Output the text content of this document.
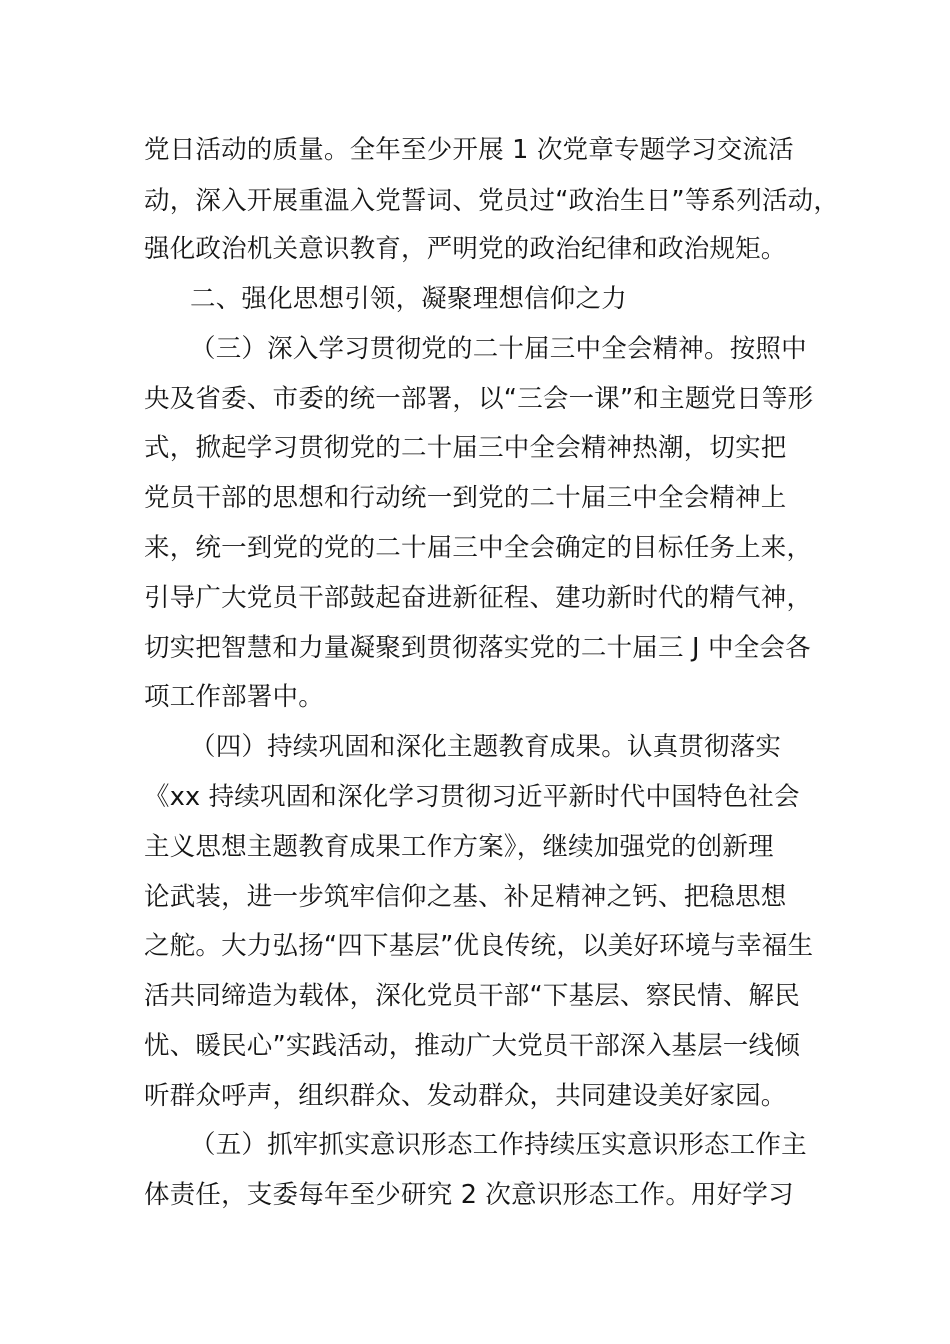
党日活动的质量。全年至少开展 1 次党章专题学习交流活
动，深入开展重温入党誓词、党员过“政治生日”等系列活动，
强化政治机关意识教育，严明党的政治纪律和政治规矩。
二、强化思想引领，凝聚理想信仰之力
（三）深入学习贯彻党的二十届三中全会精神。按照中
央及省委、市委的统一部署，以“三会一课”和主题党日等形
式，掀起学习贯彻党的二十届三中全会精神热潮，切实把
党员干部的思想和行动统一到党的二十届三中全会精神上
来，统一到党的党的二十届三中全会确定的目标任务上来，
引导广大党员干部鼓起奋进新征程、建功新时代的精气神，
切实把智慧和力量凝聚到贯彻落实党的二十届三 J 中全会各
项工作部署中。
（四）持续巩固和深化主题教育成果。认真贯彻落实
《xx 持续巩固和深化学习贯彻习近平新时代中国特色社会
主义思想主题教育成果工作方案》，继续加强党的创新理
论武装，进一步筑牢信仰之基、补足精神之钙、把稳思想
之舵。大力弘扬“四下基层”优良传统，以美好环境与幸福生
活共同缔造为载体，深化党员干部“下基层、察民情、解民
忧、暖民心”实践活动，推动广大党员干部深入基层一线倾
听群众呼声，组织群众、发动群众，共同建设美好家园。
（五）抓牢抓实意识形态工作持续压实意识形态工作主
体责任，支委每年至少研究 2 次意识形态工作。用好学习
